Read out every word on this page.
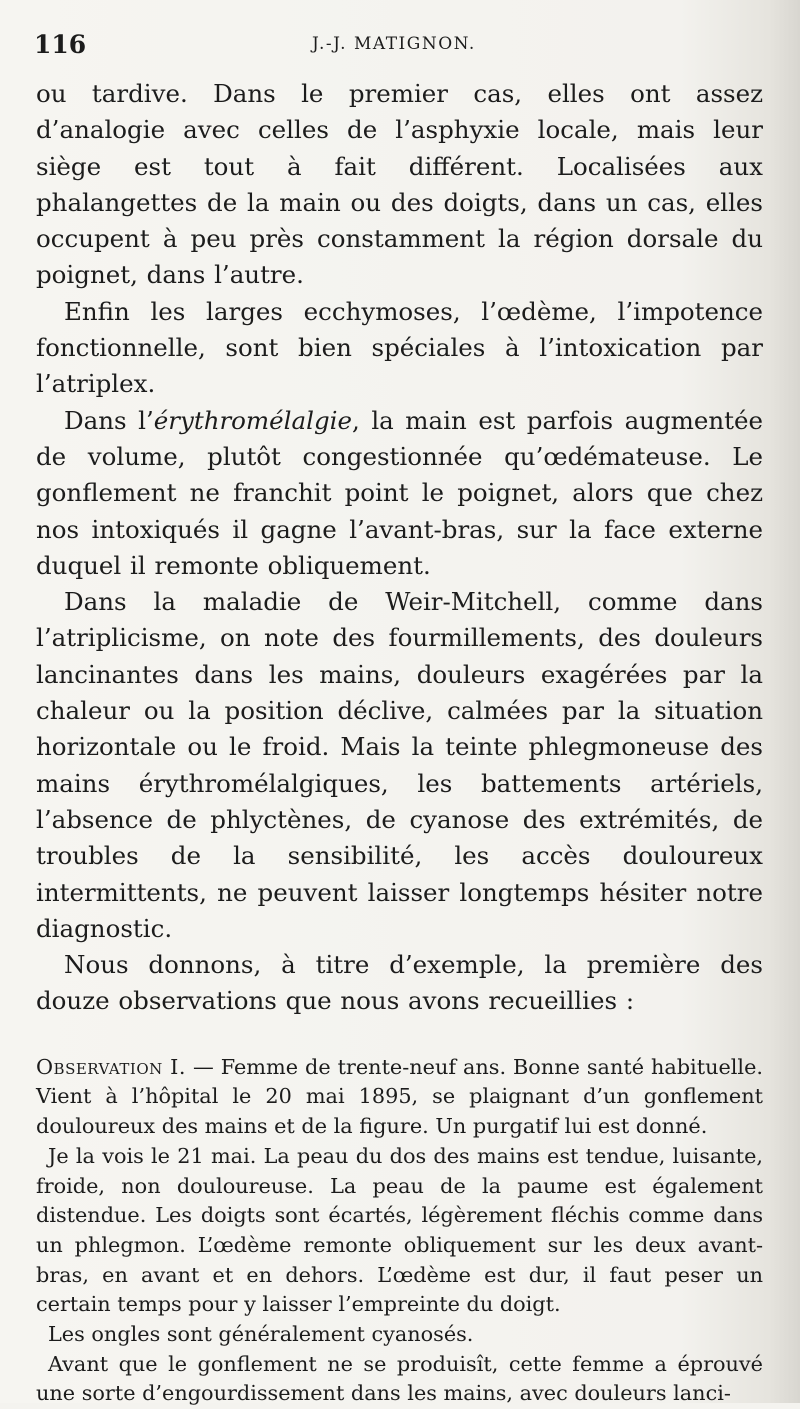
116	J.-J. MATIGNON.

ou tardive. Dans le premier cas, elles ont assez d’analogie avec celles de l’asphyxie locale, mais leur siège est tout à fait différent. Localisées aux phalangettes de la main ou des doigts, dans un cas, elles occupent à peu près constamment la région dorsale du poignet, dans l’autre.

Enfin les larges ecchymoses, l’œdème, l’impotence fonctionnelle, sont bien spéciales à l’intoxication par l’atriplex.

Dans l’érythromélalgie, la main est parfois augmentée de volume, plutôt congestionnée qu’œdémateuse. Le gonflement ne franchit point le poignet, alors que chez nos intoxiqués il gagne l’avant-bras, sur la face externe duquel il remonte obliquement.

Dans la maladie de Weir-Mitchell, comme dans l’atriplicisme, on note des fourmillements, des douleurs lancinantes dans les mains, douleurs exagérées par la chaleur ou la position déclive, calmées par la situation horizontale ou le froid. Mais la teinte phlegmoneuse des mains érythromélalgiques, les battements artériels, l’absence de phlyctènes, de cyanose des extrémités, de troubles de la sensibilité, les accès douloureux intermittents, ne peuvent laisser longtemps hésiter notre diagnostic.

Nous donnons, à titre d’exemple, la première des douze observations que nous avons recueillies :

Observation I. — Femme de trente-neuf ans. Bonne santé habituelle. Vient à l’hôpital le 20 mai 1895, se plaignant d’un gonflement douloureux des mains et de la figure. Un purgatif lui est donné.

Je la vois le 21 mai. La peau du dos des mains est tendue, luisante, froide, non douloureuse. La peau de la paume est également distendue. Les doigts sont écartés, légèrement fléchis comme dans un phlegmon. L’œdème remonte obliquement sur les deux avant-bras, en avant et en dehors. L’œdème est dur, il faut peser un certain temps pour y laisser l’empreinte du doigt.

Les ongles sont généralement cyanosés.

Avant que le gonflement ne se produisît, cette femme a éprouvé une sorte d’engourdissement dans les mains, avec douleurs lanci-
